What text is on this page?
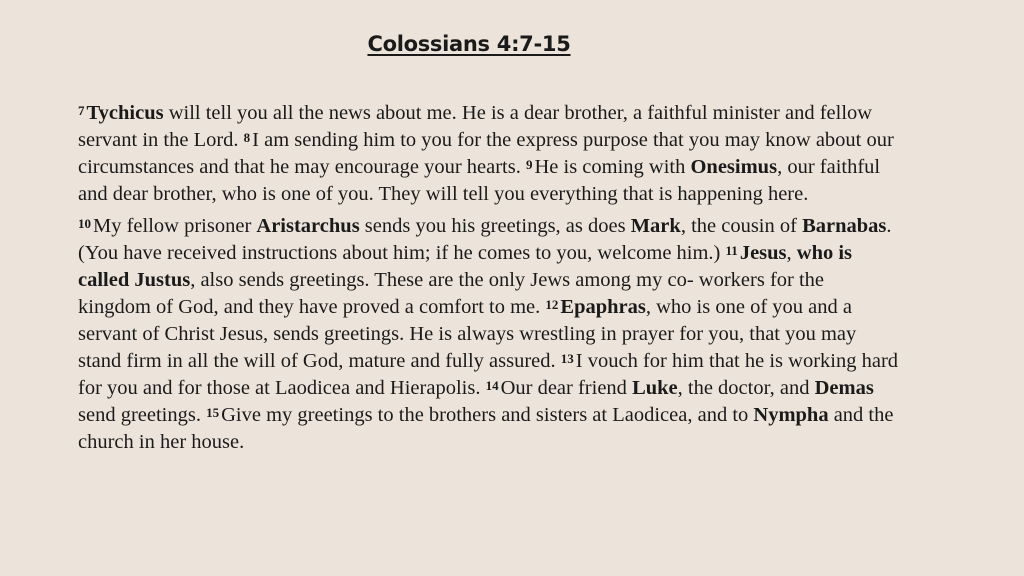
Colossians 4:7-15

$^7$Tychicus will tell you all the news about me. He is a dear brother, a faithful minister and fellow servant in the Lord. $^8$I am sending him to you for the express purpose that you may know about our circumstances and that he may encourage your hearts. $^9$He is coming with Onesimus, our faithful and dear brother, who is one of you. They will tell you everything that is happening here.

$^{10}$My fellow prisoner Aristarchus sends you his greetings, as does Mark, the cousin of Barnabas. (You have received instructions about him; if he comes to you, welcome him.) $^{11}$Jesus, who is called Justus, also sends greetings. These are the only Jews among my co- workers for the kingdom of God, and they have proved a comfort to me. $^{12}$Epaphras, who is one of you and a servant of Christ Jesus, sends greetings. He is always wrestling in prayer for you, that you may stand firm in all the will of God, mature and fully assured. $^{13}$I vouch for him that he is working hard for you and for those at Laodicea and Hierapolis. $^{14}$Our dear friend Luke, the doctor, and Demas send greetings. $^{15}$Give my greetings to the brothers and sisters at Laodicea, and to Nympha and the church in her house.
